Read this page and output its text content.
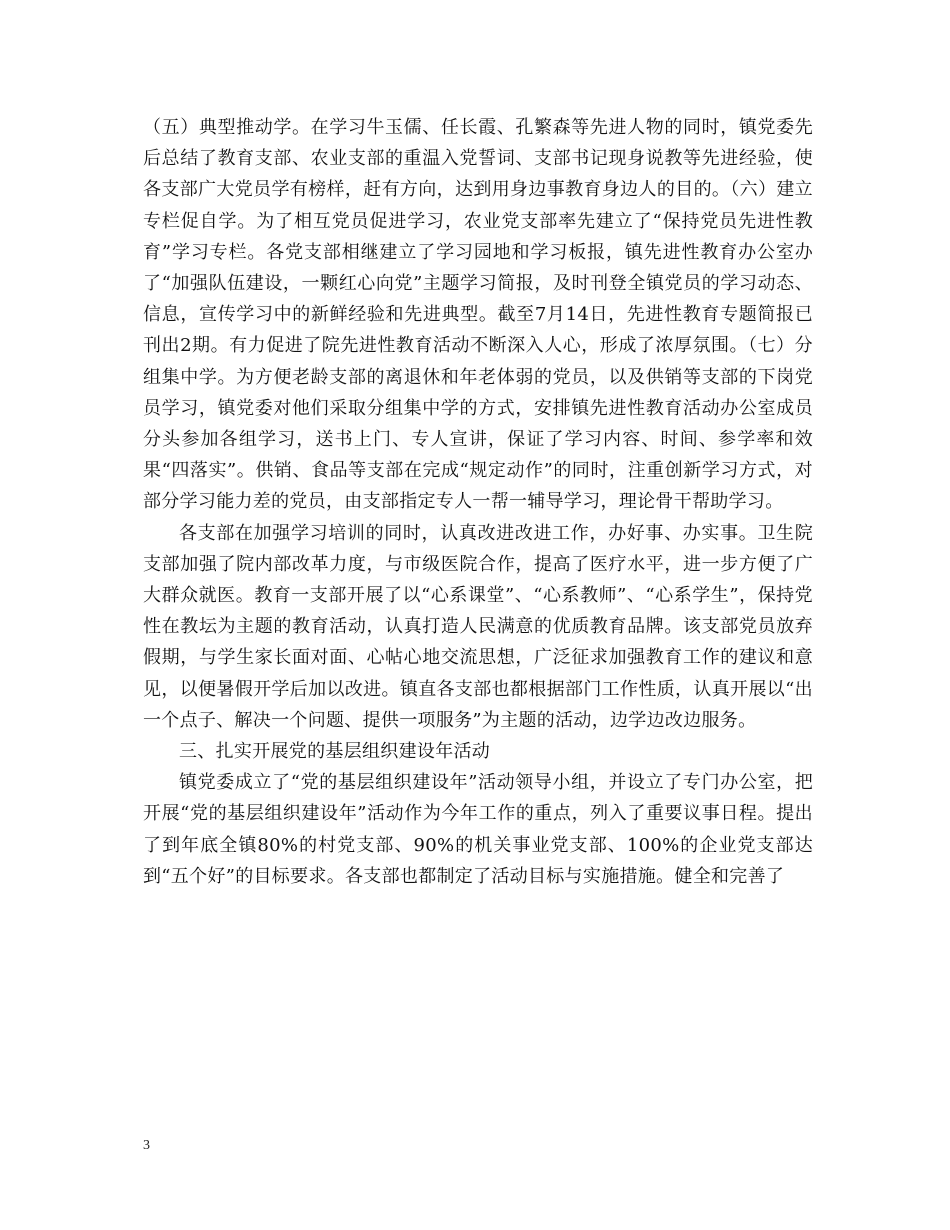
（五）典型推动学。在学习牛玉儒、任长霞、孔繁森等先进人物的同时，镇党委先后总结了教育支部、农业支部的重温入党誓词、支部书记现身说教等先进经验，使各支部广大党员学有榜样，赶有方向，达到用身边事教育身边人的目的。（六）建立专栏促自学。为了相互党员促进学习，农业党支部率先建立了“保持党员先进性教育”学习专栏。各党支部相继建立了学习园地和学习板报，镇先进性教育办公室办了“加强队伍建设，一颗红心向党”主题学习简报，及时刊登全镇党员的学习动态、信息，宣传学习中的新鲜经验和先进典型。截至7月14日，先进性教育专题简报已刊出2期。有力促进了院先进性教育活动不断深入人心，形成了浓厚氛围。（七）分组集中学。为方便老龄支部的离退休和年老体弱的党员，以及供销等支部的下岗党员学习，镇党委对他们采取分组集中学的方式，安排镇先进性教育活动办公室成员分头参加各组学习，送书上门、专人宣讲，保证了学习内容、时间、参学率和效果“四落实”。供销、食品等支部在完成“规定动作”的同时，注重创新学习方式，对部分学习能力差的党员，由支部指定专人一帮一辅导学习，理论骨干帮助学习。

各支部在加强学习培训的同时，认真改进改进工作，办好事、办实事。卫生院支部加强了院内部改革力度，与市级医院合作，提高了医疗水平，进一步方便了广大群众就医。教育一支部开展了以“心系课堂”、“心系教师”、“心系学生”，保持党性在教坛为主题的教育活动，认真打造人民满意的优质教育品牌。该支部党员放弃假期，与学生家长面对面、心帖心地交流思想，广泛征求加强教育工作的建议和意见，以便暑假开学后加以改进。镇直各支部也都根据部门工作性质，认真开展以“出一个点子、解决一个问题、提供一项服务”为主题的活动，边学边改边服务。

三、扎实开展党的基层组织建设年活动

镇党委成立了“党的基层组织建设年”活动领导小组，并设立了专门办公室，把开展“党的基层组织建设年”活动作为今年工作的重点，列入了重要议事日程。提出了到年底全镇80%的村党支部、90%的机关事业党支部、100%的企业党支部达到“五个好”的目标要求。各支部也都制定了活动目标与实施措施。健全和完善了

3
